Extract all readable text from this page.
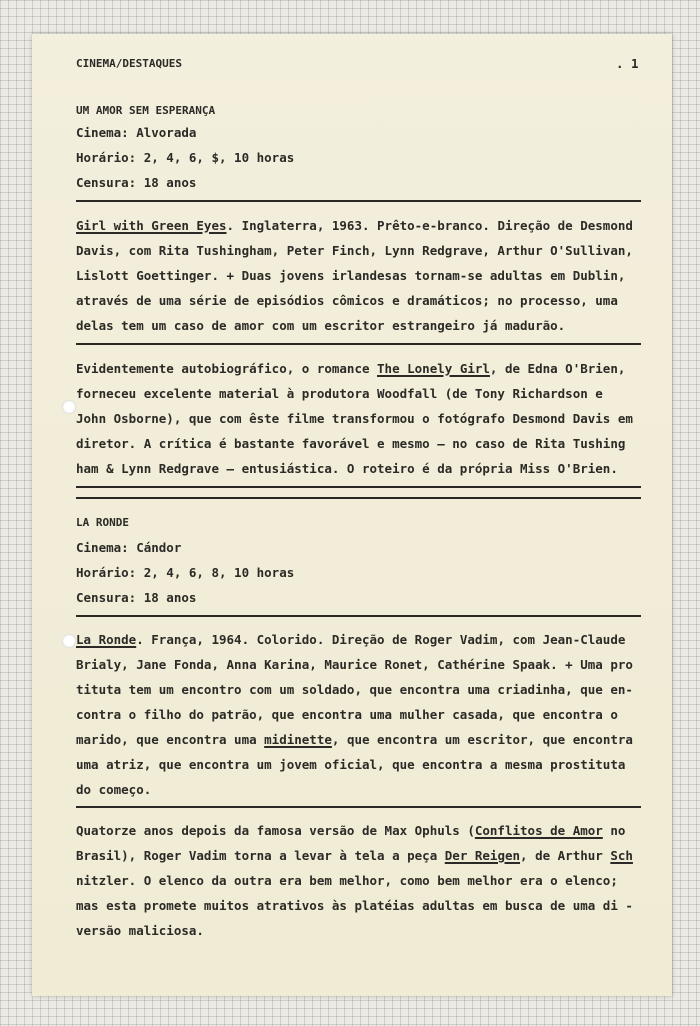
CINEMA/DESTAQUES	. 1
UM AMOR SEM ESPERANÇA
Cinema: Alvorada
Horário: 2, 4, 6, $, 10 horas
Censura: 18 anos
Girl with Green Eyes. Inglaterra, 1963. Prêto-e-branco. Direção de Desmond
Davis, com Rita Tushingham, Peter Finch, Lynn Redgrave, Arthur O'Sullivan,
Lislott Goettinger. + Duas jovens irlandesas tornam-se adultas em Dublin,
através de uma série de episódios cômicos e dramáticos; no processo, uma
delas tem um caso de amor com um escritor estrangeiro já madurão.
Evidentemente autobiográfico, o romance The Lonely Girl, de Edna O'Brien,
forneceu excelente material à produtora Woodfall (de Tony Richardson e
John Osborne), que com êste filme transformou o fotógrafo Desmond Davis em
diretor. A crítica é bastante favorável e mesmo — no caso de Rita Tushing
ham & Lynn Redgrave — entusiástica. O roteiro é da própria Miss O'Brien.
LA RONDE
Cinema: Cándor
Horário: 2, 4, 6, 8, 10 horas
Censura: 18 anos
La Ronde. França, 1964. Colorido. Direção de Roger Vadim, com Jean-Claude
Brialy, Jane Fonda, Anna Karina, Maurice Ronet, Cathérine Spaak. + Uma pro
tituta tem um encontro com um soldado, que encontra uma criadinha, que en-
contra o filho do patrão, que encontra uma mulher casada, que encontra o
marido, que encontra uma midinette, que encontra um escritor, que encontra
uma atriz, que encontra um jovem oficial, que encontra a mesma prostituta
do começo.
Quatorze anos depois da famosa versão de Max Ophuls (Conflitos de Amor no
Brasil), Roger Vadim torna a levar à tela a peça Der Reigen, de Arthur Sch
nitzler. O elenco da outra era bem melhor, como bem melhor era o elenco;
mas esta promete muitos atrativos às platéias adultas em busca de uma di -
versão maliciosa.
